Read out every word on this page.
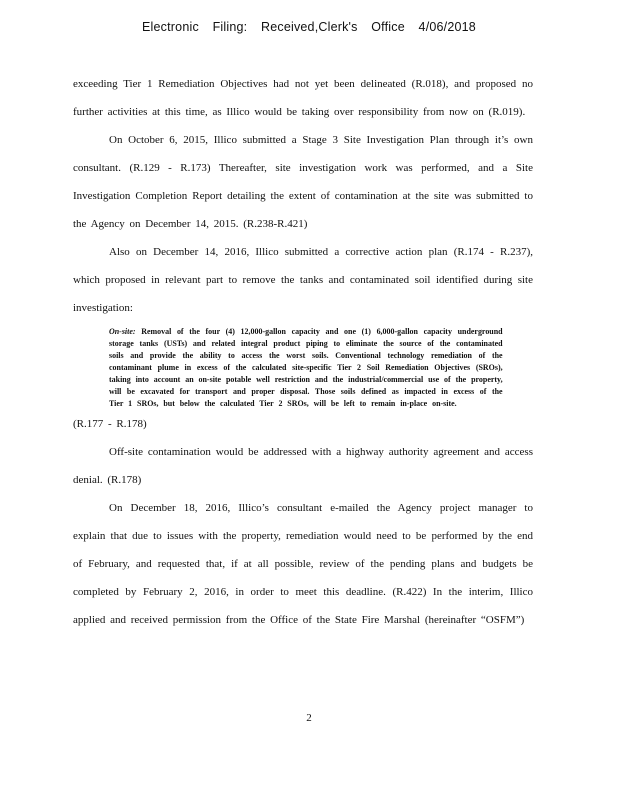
Electronic Filing: Received,Clerk's Office 4/06/2018

exceeding Tier 1 Remediation Objectives had not yet been delineated (R.018), and proposed no further activities at this time, as Illico would be taking over responsibility from now on (R.019).

On October 6, 2015, Illico submitted a Stage 3 Site Investigation Plan through it’s own consultant. (R.129 - R.173) Thereafter, site investigation work was performed, and a Site Investigation Completion Report detailing the extent of contamination at the site was submitted to the Agency on December 14, 2015. (R.238-R.421)

Also on December 14, 2016, Illico submitted a corrective action plan (R.174 - R.237), which proposed in relevant part to remove the tanks and contaminated soil identified during site investigation:

On-site: Removal of the four (4) 12,000-gallon capacity and one (1) 6,000-gallon capacity underground storage tanks (USTs) and related integral product piping to eliminate the source of the contaminated soils and provide the ability to access the worst soils. Conventional technology remediation of the contaminant plume in excess of the calculated site-specific Tier 2 Soil Remediation Objectives (SROs), taking into account an on-site potable well restriction and the industrial/commercial use of the property, will be excavated for transport and proper disposal. Those soils defined as impacted in excess of the Tier 1 SROs, but below the calculated Tier 2 SROs, will be left to remain in-place on-site.

(R.177 - R.178)

Off-site contamination would be addressed with a highway authority agreement and access denial. (R.178)

On December 18, 2016, Illico’s consultant e-mailed the Agency project manager to explain that due to issues with the property, remediation would need to be performed by the end of February, and requested that, if at all possible, review of the pending plans and budgets be completed by February 2, 2016, in order to meet this deadline. (R.422) In the interim, Illico applied and received permission from the Office of the State Fire Marshal (hereinafter “OSFM”)

2
